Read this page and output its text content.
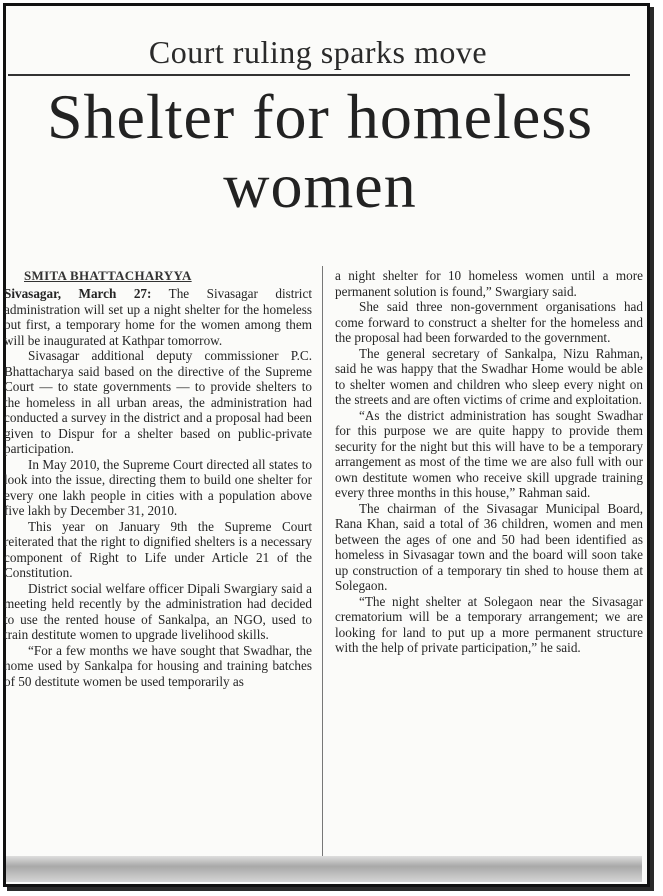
Court ruling sparks move
Shelter for homeless women
SMITA BHATTACHARYYA

Sivasagar, March 27: The Sivasagar district administration will set up a night shelter for the homeless but first, a temporary home for the women among them will be inaugurated at Kathpar tomorrow.

Sivasagar additional deputy commissioner P.C. Bhattacharya said based on the directive of the Supreme Court — to state governments — to provide shelters to the homeless in all urban areas, the administration had conducted a survey in the district and a proposal had been given to Dispur for a shelter based on public-private participation.

In May 2010, the Supreme Court directed all states to look into the issue, directing them to build one shelter for every one lakh people in cities with a population above five lakh by December 31, 2010.

This year on January 9th the Supreme Court reiterated that the right to dignified shelters is a necessary component of Right to Life under Article 21 of the Constitution.

District social welfare officer Dipali Swargiary said a meeting held recently by the administration had decided to use the rented house of Sankalpa, an NGO, used to train destitute women to upgrade livelihood skills.

“For a few months we have sought that Swadhar, the home used by Sankalpa for housing and training batches of 50 destitute women be used temporarily as

a night shelter for 10 homeless women until a more permanent solution is found,” Swargiary said.

She said three non-government organisations had come forward to construct a shelter for the homeless and the proposal had been forwarded to the government.

The general secretary of Sankalpa, Nizu Rahman, said he was happy that the Swadhar Home would be able to shelter women and children who sleep every night on the streets and are often victims of crime and exploitation.

“As the district administration has sought Swadhar for this purpose we are quite happy to provide them security for the night but this will have to be a temporary arrangement as most of the time we are also full with our own destitute women who receive skill upgrade training every three months in this house,” Rahman said.

The chairman of the Sivasagar Municipal Board, Rana Khan, said a total of 36 children, women and men between the ages of one and 50 had been identified as homeless in Sivasagar town and the board will soon take up construction of a temporary tin shed to house them at Solegaon.

“The night shelter at Solegaon near the Sivasagar crematorium will be a temporary arrangement; we are looking for land to put up a more permanent structure with the help of private participation,” he said.
